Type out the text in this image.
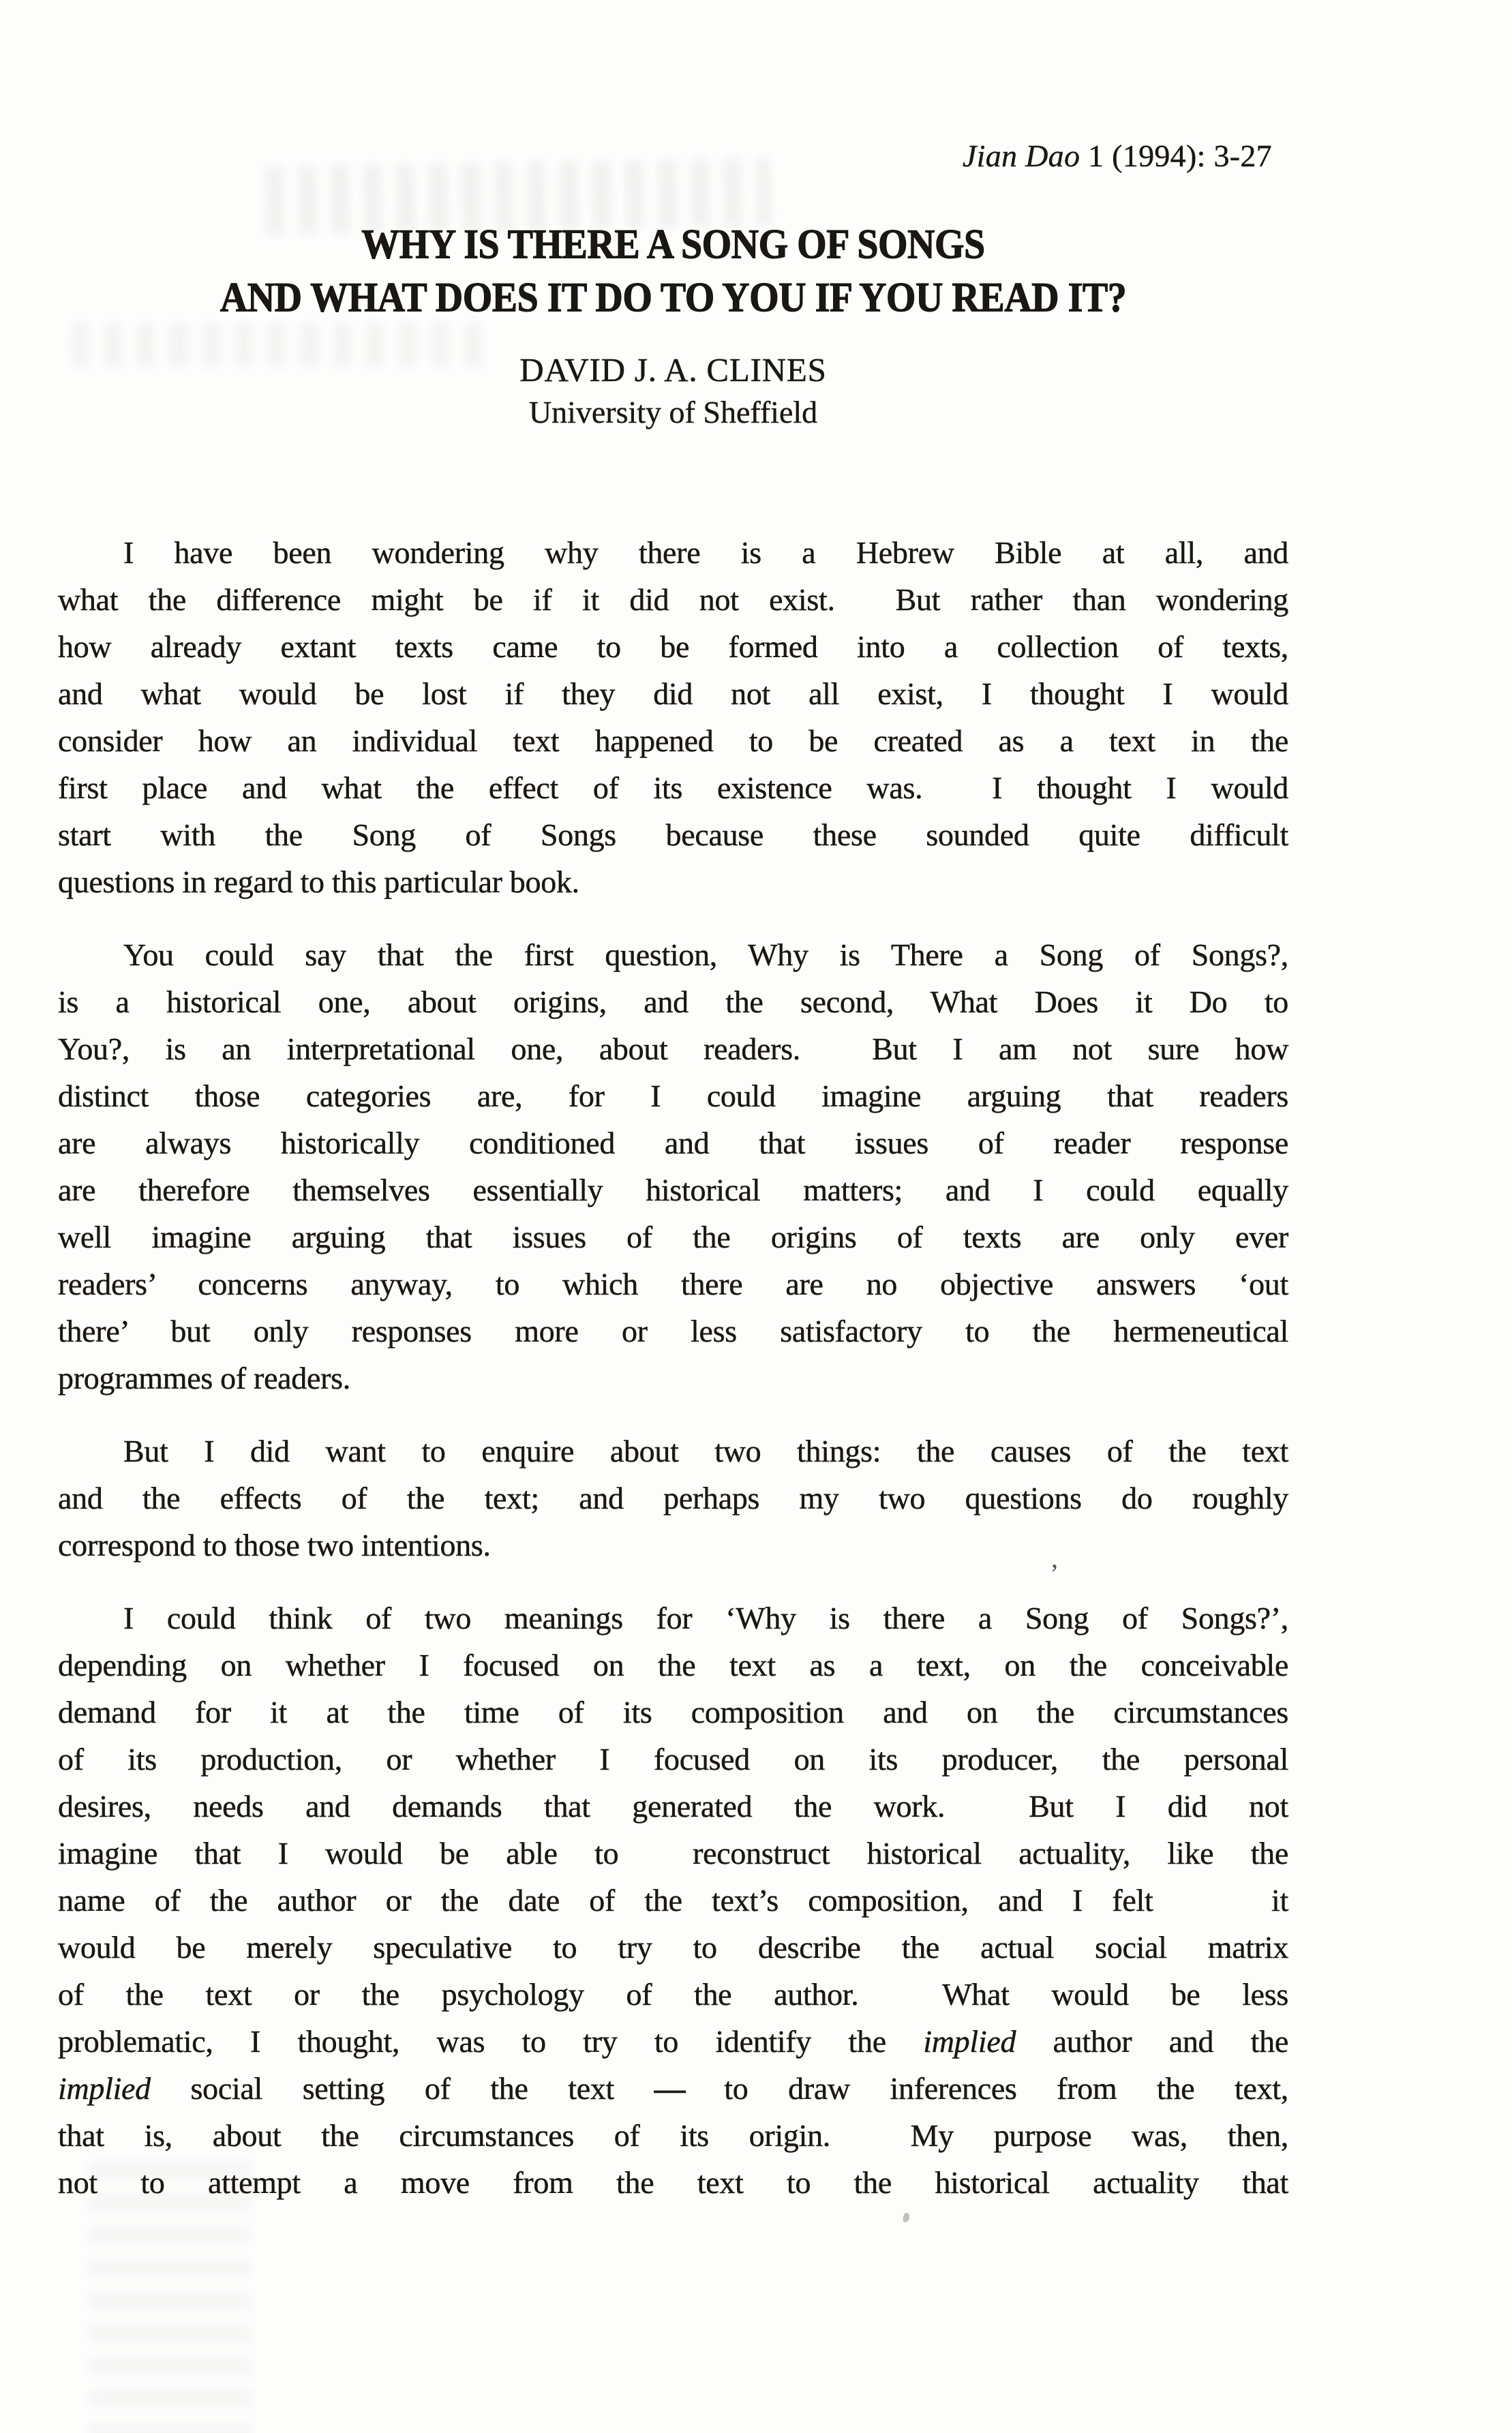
Jian Dao 1 (1994): 3-27
WHY IS THERE A SONG OF SONGS
AND WHAT DOES IT DO TO YOU IF YOU READ IT?
DAVID J. A. CLINES
University of Sheffield

I have been wondering why there is a Hebrew Bible at all, and
what the difference might be if it did not exist.  But rather than wondering
how already extant texts came to be formed into a collection of texts,
and what would be lost if they did not all exist, I thought I would
consider how an individual text happened to be created as a text in the
first place and what the effect of its existence was.  I thought I would
start with the Song of Songs because these sounded quite difficult
questions in regard to this particular book.

You could say that the first question, Why is There a Song of Songs?,
is a historical one, about origins, and the second, What Does it Do to
You?, is an interpretational one, about readers.  But I am not sure how
distinct those categories are, for I could imagine arguing that readers
are always historically conditioned and that issues of reader response
are therefore themselves essentially historical matters; and I could equally
well imagine arguing that issues of the origins of texts are only ever
readers’ concerns anyway, to which there are no objective answers ‘out
there’ but only responses more or less satisfactory to the hermeneutical
programmes of readers.

But I did want to enquire about two things: the causes of the text
and the effects of the text; and perhaps my two questions do roughly
correspond to those two intentions.

I could think of two meanings for ‘Why is there a Song of Songs?’,
depending on whether I focused on the text as a text, on the conceivable
demand for it at the time of its composition and on the circumstances
of its production, or whether I focused on its producer, the personal
desires, needs and demands that generated the work.  But I did not
imagine that I would be able to  reconstruct historical actuality, like the
name of the author or the date of the text’s composition, and I felt    it
would be merely speculative to try to describe the actual social matrix
of the text or the psychology of the author.  What would be less
problematic, I thought, was to try to identify the implied author and the
implied social setting of the text — to draw inferences from the text,
that is, about the circumstances of its origin.  My purpose was, then,
not to attempt a move from the text to the historical actuality that

,
